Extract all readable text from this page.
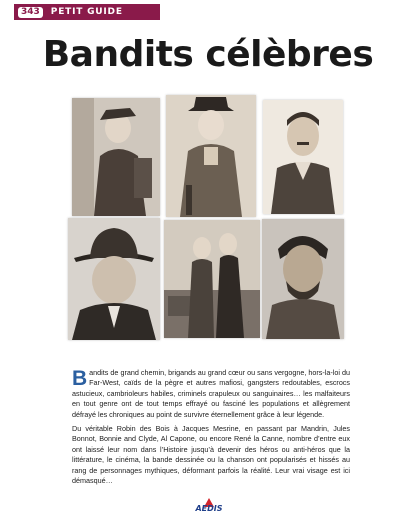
343	PETIT GUIDE
Bandits célèbres
Bandits de grand chemin, brigands au grand cœur ou sans vergogne, hors-la-loi du Far-West, caïds de la pègre et autres mafiosi, gangsters redoutables, escrocs astucieux, cambrioleurs habiles, criminels crapuleux ou sanguinaires… les malfaiteurs en tout genre ont de tout temps effrayé ou fasciné les populations et allègrement défrayé les chroniques au point de survivre éternellement grâce à leur légende.
Du véritable Robin des Bois à Jacques Mesrine, en passant par Mandrin, Jules Bonnot, Bonnie and Clyde, Al Capone, ou encore René la Canne, nombre d’entre eux ont laissé leur nom dans l’Histoire jusqu’à devenir des héros ou anti-héros que la littérature, le cinéma, la bande dessinée ou la chanson ont popularisés et hissés au rang de personnages mythiques, déformant parfois la réalité. Leur vrai visage est ici démasqué…
AEDIS
